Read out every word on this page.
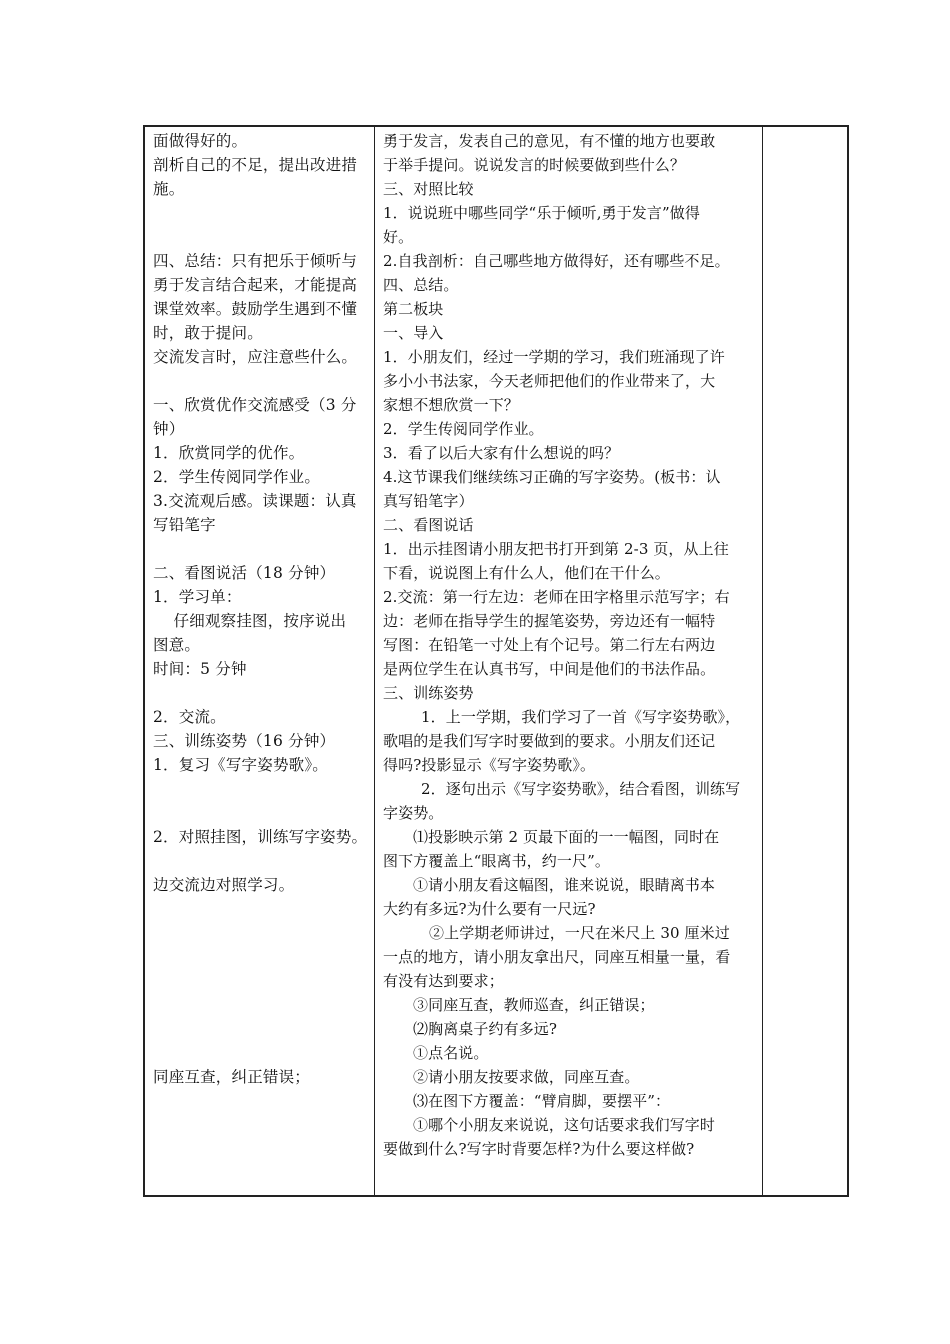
面做得好的。
剖析自己的不足，提出改进措
施。
四、总结：只有把乐于倾听与
勇于发言结合起来，才能提高
课堂效率。鼓励学生遇到不懂
时，敢于提问。
交流发言时，应注意些什么。
一、欣赏优作交流感受（3 分
钟）
1．欣赏同学的优作。
2．学生传阅同学作业。
3.交流观后感。读课题：认真
写铅笔字
二、看图说活（18 分钟）
1．学习单：
仔细观察挂图，按序说出
图意。
时间：5 分钟
2．交流。
三、训练姿势（16 分钟）
1．复习《写字姿势歌》。
2．对照挂图，训练写字姿势。
边交流边对照学习。
同座互查，纠正错误；
勇于发言，发表自己的意见，有不懂的地方也要敢
于举手提问。说说发言的时候要做到些什么？
三、对照比较
1．说说班中哪些同学“乐于倾听,勇于发言”做得
好。
2.自我剖析：自己哪些地方做得好，还有哪些不足。
四、总结。
第二板块
一、导入
1．小朋友们，经过一学期的学习，我们班涌现了许
多小小书法家，今天老师把他们的作业带来了，大
家想不想欣赏一下？
2．学生传阅同学作业。
3．看了以后大家有什么想说的吗？
4.这节课我们继续练习正确的写字姿势。(板书：认
真写铅笔字）
二、看图说话
1．出示挂图请小朋友把书打开到第 2-3 页，从上往
下看，说说图上有什么人，他们在干什么。
2.交流：第一行左边：老师在田字格里示范写字；右
边：老师在指导学生的握笔姿势，旁边还有一幅特
写图：在铅笔一寸处上有个记号。第二行左右两边
是两位学生在认真书写，中间是他们的书法作品。
三、训练姿势
1．上一学期，我们学习了一首《写字姿势歌》，
歌唱的是我们写字时要做到的要求。小朋友们还记
得吗?投影显示《写字姿势歌》。
2．逐句出示《写字姿势歌》，结合看图，训练写
字姿势。
⑴投影映示第 2 页最下面的一一幅图，同时在
图下方覆盖上“眼离书，约一尺”。
①请小朋友看这幅图，谁来说说，眼睛离书本
大约有多远?为什么要有一尺远?
②上学期老师讲过，一尺在米尺上 30 厘米过
一点的地方，请小朋友拿出尺，同座互相量一量，看
有没有达到要求；
③同座互查，教师巡查，纠正错误；
⑵胸离桌子约有多远?
①点名说。
②请小朋友按要求做，同座互查。
⑶在图下方覆盖：“臂肩脚，要摆平”：
①哪个小朋友来说说，这句话要求我们写字时
要做到什么?写字时背要怎样?为什么要这样做?
